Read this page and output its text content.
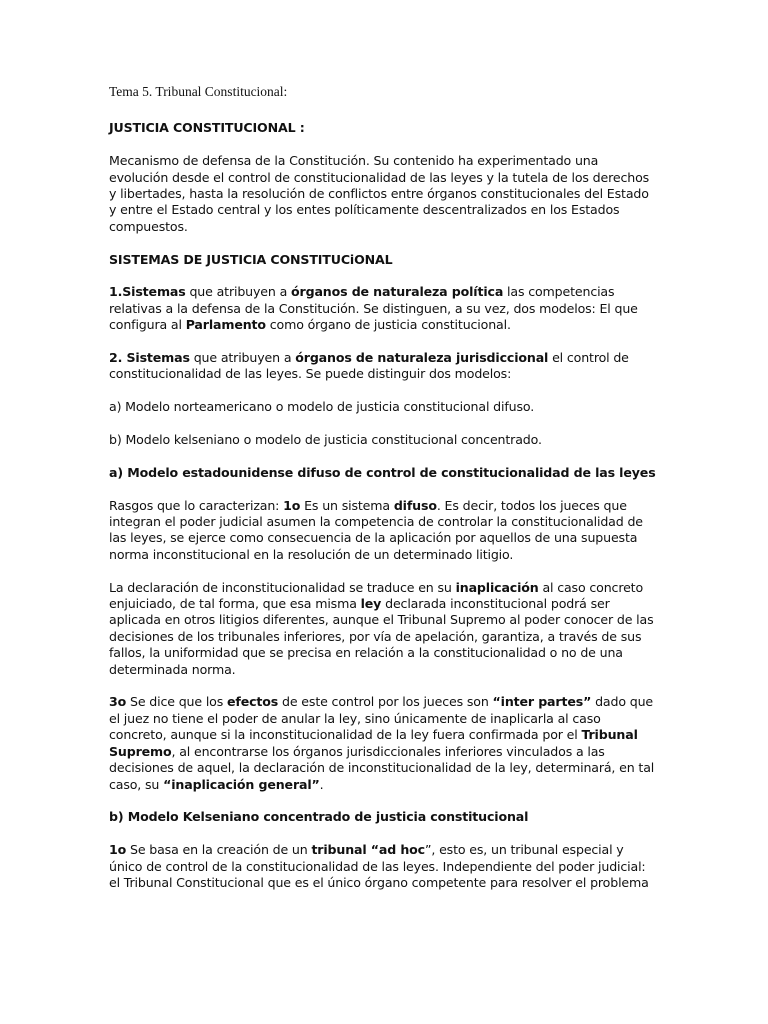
Tema 5. Tribunal Constitucional:

JUSTICIA CONSTITUCIONAL :

Mecanismo de defensa de la Constitución. Su contenido ha experimentado una evolución desde el control de constitucionalidad de las leyes y la tutela de los derechos y libertades, hasta la resolución de conflictos entre órganos constitucionales del Estado y entre el Estado central y los entes políticamente descentralizados en los Estados compuestos.

SISTEMAS DE JUSTICIA CONSTITUCiONAL

1.Sistemas que atribuyen a órganos de naturaleza política las competencias relativas a la defensa de la Constitución. Se distinguen, a su vez, dos modelos: El que configura al Parlamento como órgano de justicia constitucional.

2. Sistemas que atribuyen a órganos de naturaleza jurisdiccional el control de constitucionalidad de las leyes. Se puede distinguir dos modelos:

a) Modelo norteamericano o modelo de justicia constitucional difuso.

b) Modelo kelseniano o modelo de justicia constitucional concentrado.

a) Modelo estadounidense difuso de control de constitucionalidad de las leyes

Rasgos que lo caracterizan: 1o Es un sistema difuso. Es decir, todos los jueces que integran el poder judicial asumen la competencia de controlar la constitucionalidad de las leyes, se ejerce como consecuencia de la aplicación por aquellos de una supuesta norma inconstitucional en la resolución de un determinado litigio.

La declaración de inconstitucionalidad se traduce en su inaplicación al caso concreto enjuiciado, de tal forma, que esa misma ley declarada inconstitucional podrá ser aplicada en otros litigios diferentes, aunque el Tribunal Supremo al poder conocer de las decisiones de los tribunales inferiores, por vía de apelación, garantiza, a través de sus fallos, la uniformidad que se precisa en relación a la constitucionalidad o no de una determinada norma.

3o Se dice que los efectos de este control por los jueces son “inter partes” dado que el juez no tiene el poder de anular la ley, sino únicamente de inaplicarla al caso concreto, aunque si la inconstitucionalidad de la ley fuera confirmada por el Tribunal Supremo, al encontrarse los órganos jurisdiccionales inferiores vinculados a las decisiones de aquel, la declaración de inconstitucionalidad de la ley, determinará, en tal caso, su “inaplicación general”.

b) Modelo Kelseniano concentrado de justicia constitucional

1o Se basa en la creación de un tribunal “ad hoc”, esto es, un tribunal especial y único de control de la constitucionalidad de las leyes. Independiente del poder judicial: el Tribunal Constitucional que es el único órgano competente para resolver el problema
